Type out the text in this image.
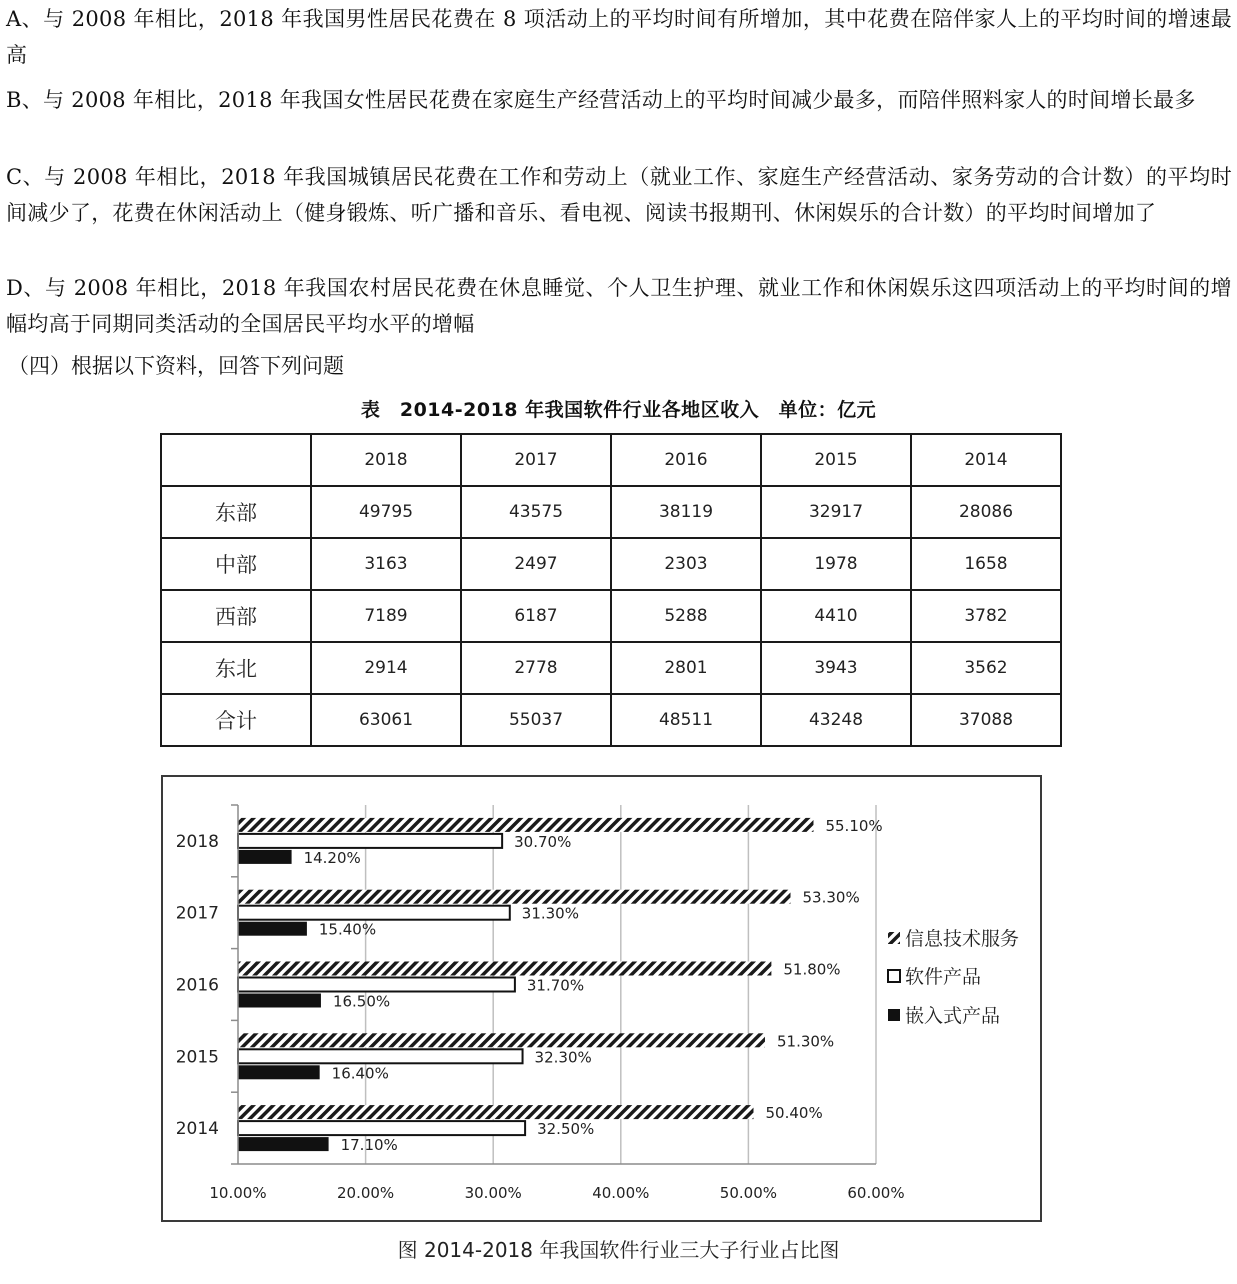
A、与 2008 年相比，2018 年我国男性居民花费在 8 项活动上的平均时间有所增加，其中花费在陪伴家人上的平均时间的增速最高
B、与 2008 年相比，2018 年我国女性居民花费在家庭生产经营活动上的平均时间减少最多，而陪伴照料家人的时间增长最多
C、与 2008 年相比，2018 年我国城镇居民花费在工作和劳动上（就业工作、家庭生产经营活动、家务劳动的合计数）的平均时间减少了，花费在休闲活动上（健身锻炼、听广播和音乐、看电视、阅读书报期刊、休闲娱乐的合计数）的平均时间增加了
D、与 2008 年相比，2018 年我国农村居民花费在休息睡觉、个人卫生护理、就业工作和休闲娱乐这四项活动上的平均时间的增幅均高于同期同类活动的全国居民平均水平的增幅
（四）根据以下资料，回答下列问题
表　2014-2018 年我国软件行业各地区收入　单位：亿元
	2018	2017	2016	2015	2014
东部	49795	43575	38119	32917	28086
中部	3163	2497	2303	1978	1658
西部	7189	6187	5288	4410	3782
东北	2914	2778	2801	3943	3562
合计	63061	55037	48511	43248	37088
55.10%
30.70%
14.20%
53.30%
31.30%
15.40%
51.80%
31.70%
16.50%
51.30%
32.30%
16.40%
50.40%
32.50%
17.10%
10.00%	20.00%	30.00%	40.00%	50.00%	60.00%
2018
2017
2016
2015
2014
信息技术服务
软件产品
嵌入式产品
图 2014-2018 年我国软件行业三大子行业占比图
